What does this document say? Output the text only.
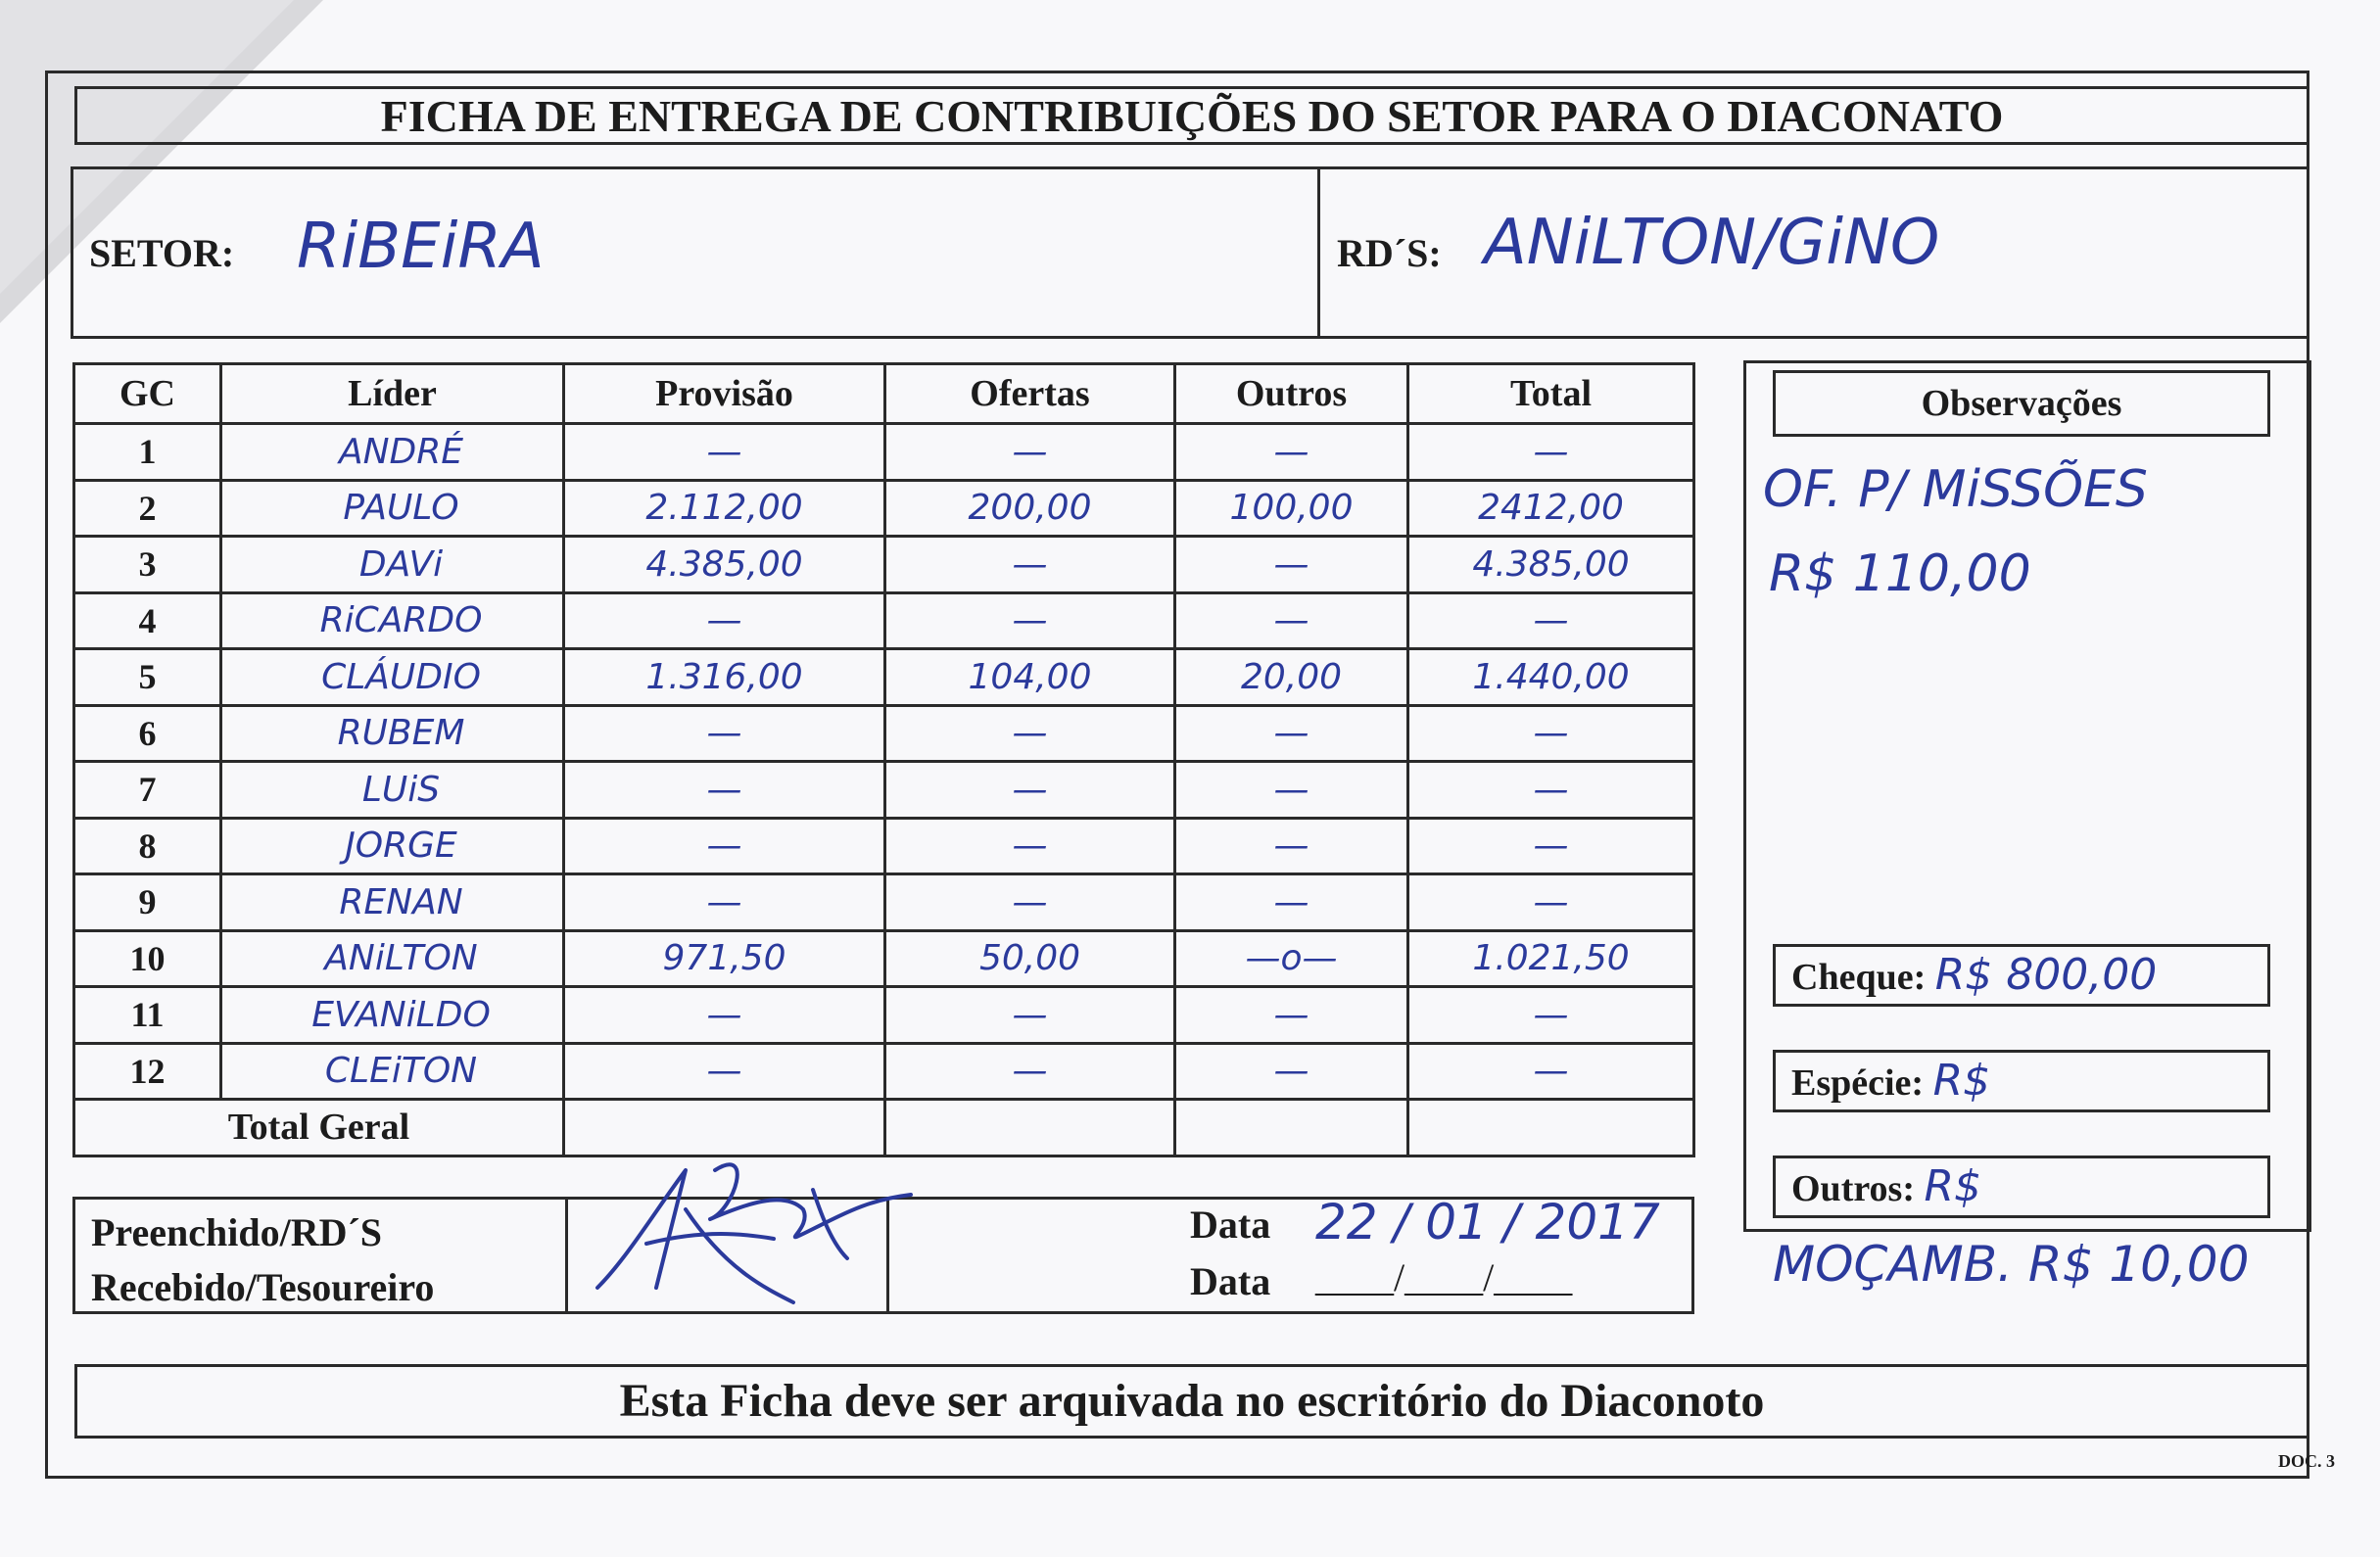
FICHA DE ENTREGA DE CONTRIBUIÇÕES DO SETOR PARA O DIACONATO
SETOR: RiBEiRA	RD´S: ANiLTON/GiNO
GC	Líder	Provisão	Ofertas	Outros	Total
1	ANDRÉ	—	—	—	—
2	PAULO	2.112,00	200,00	100,00	2412,00
3	DAVi	4.385,00	—	—	4.385,00
4	RiCARDO	—	—	—	—
5	CLÁUDIO	1.316,00	104,00	20,00	1.440,00
6	RUBEM	—	—	—	—
7	LUiS	—	—	—	—
8	JORGE	—	—	—	—
9	RENAN	—	—	—	—
10	ANiLTON	971,50	50,00	—o—	1.021,50
11	EVANiLDO	—	—	—	—
12	CLEiTON	—	—	—	—
Total Geral					
Observações
OF. P/ MiSSÕES
R$ 110,00
Cheque: R$ 800,00
Espécie: R$
Outros: R$
MOÇAMB. R$ 10,00
Preenchido/RD´S
Recebido/Tesoureiro
Data 22 / 01 / 2017
Data ____/____/____
Esta Ficha deve ser arquivada no escritório do Diaconoto
DOC. 3
